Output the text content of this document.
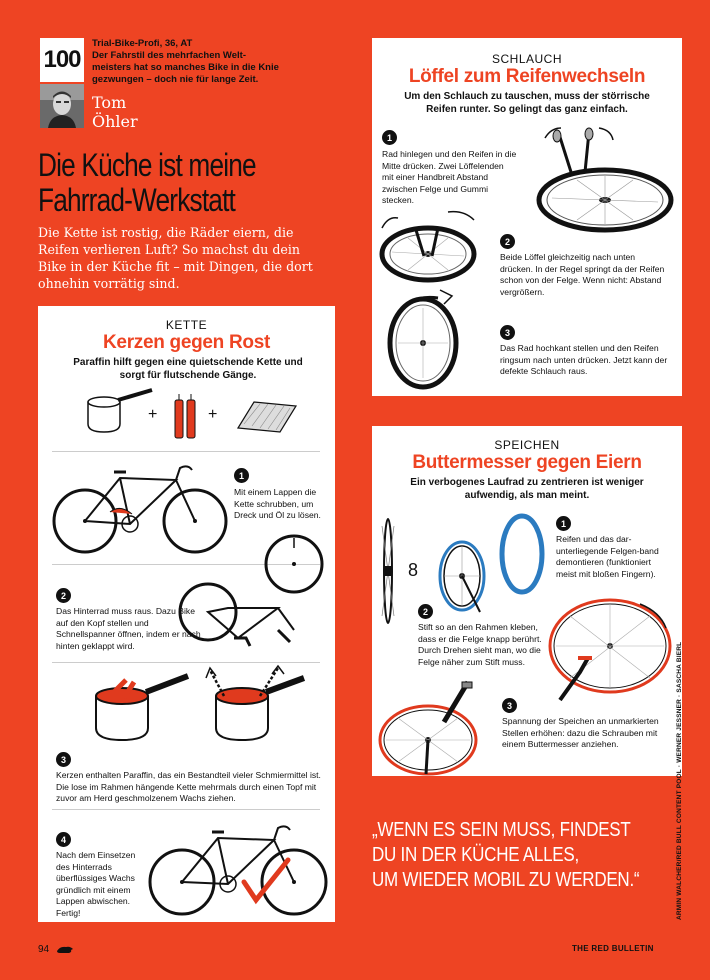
100
Trial-Bike-Profi, 36, AT
Der Fahrstil des mehrfachen Welt-
meisters hat so manches Bike in die Knie
gezwungen – doch nie für lange Zeit.
Tom
Öhler
Die Küche ist meine
Fahrrad-Werkstatt
Die Kette ist rostig, die Räder eiern, die Reifen verlieren Luft? So machst du dein Bike in der Küche fit – mit Dingen, die dort ohnehin vorrätig sind.
SCHLAUCH
Löffel zum Reifenwechseln
Um den Schlauch zu tauschen, muss der störrische Reifen runter. So gelingt das ganz einfach.
1
Rad hinlegen und den Reifen in die Mitte drücken. Zwei Löffelenden mit einer Handbreit Abstand zwischen Felge und Gummi stecken.
2
Beide Löffel gleichzeitig nach unten drücken. In der Regel springt da der Reifen schon von der Felge. Wenn nicht: Abstand vergrößern.
3
Das Rad hochkant stellen und den Reifen ringsum nach unten drücken. Jetzt kann der defekte Schlauch raus.
KETTE
Kerzen gegen Rost
Paraffin hilft gegen eine quietschende Kette und sorgt für flutschende Gänge.
+	+
1
Mit einem Lappen die Kette schrubben, um Dreck und Öl zu lösen.
2
Das Hinterrad muss raus. Dazu Bike auf den Kopf stellen und Schnellspanner öffnen, indem er nach hinten geklappt wird.
3
Kerzen enthalten Paraffin, das ein Bestandteil vieler Schmiermittel ist. Die lose im Rahmen hängende Kette mehrmals durch einen Topf mit zuvor am Herd geschmolzenem Wachs ziehen.
4
Nach dem Einsetzen des Hinterrads überflüssiges Wachs gründlich mit einem Lappen abwischen. Fertig!
SPEICHEN
Buttermesser gegen Eiern
Ein verbogenes Laufrad zu zentrieren ist weniger aufwendig, als man meint.
8
1
Reifen und das dar-unterliegende Felgen-band demontieren (funktioniert meist mit bloßen Fingern).
2
Stift so an den Rahmen kleben, dass er die Felge knapp berührt. Durch Drehen sieht man, wo die Felge näher zum Stift muss.
3
Spannung der Speichen an unmarkierten Stellen erhöhen: dazu die Schrauben mit einem Buttermesser anziehen.
„WENN ES SEIN MUSS, FINDEST
DU IN DER KÜCHE ALLES,
UM WIEDER MOBIL ZU WERDEN.“	ARMIN WALCHER/RED BULL CONTENT POOL · WERNER JESSNER · SASCHA BIERL
94	THE RED BULLETIN
